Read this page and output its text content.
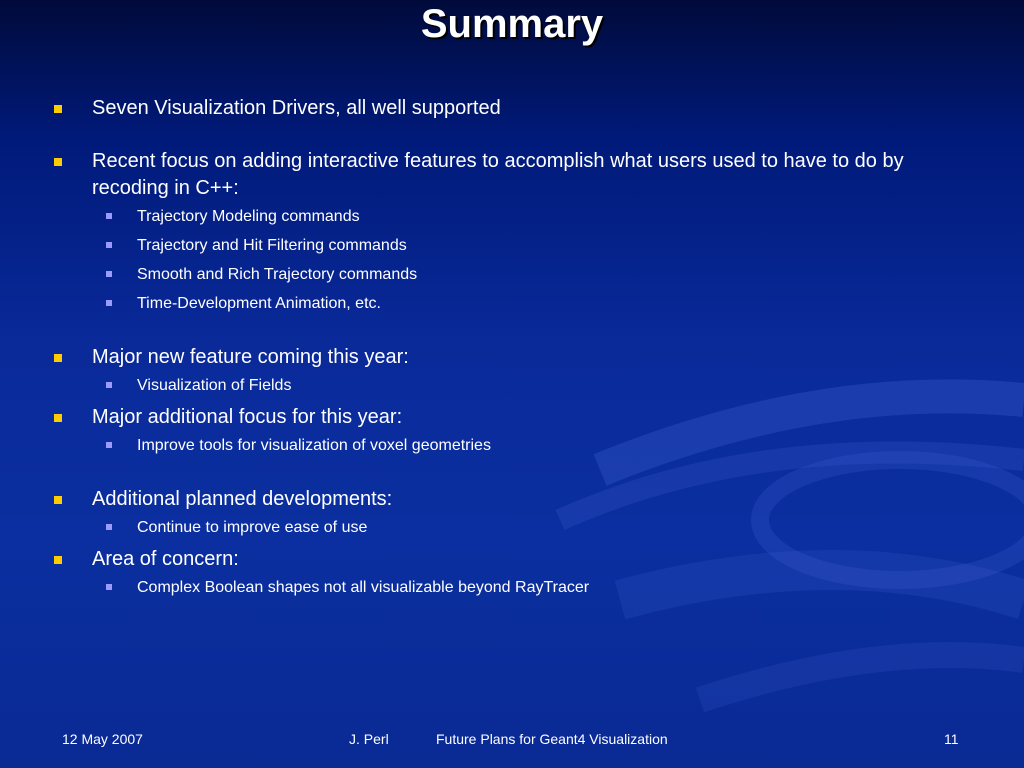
Summary
Seven Visualization Drivers, all well supported
Recent focus on adding interactive features to accomplish what users used to have to do by recoding in C++:
Trajectory Modeling commands
Trajectory and Hit Filtering commands
Smooth and Rich Trajectory commands
Time-Development Animation, etc.
Major new feature coming this year:
Visualization of Fields
Major additional focus for this year:
Improve tools for visualization of voxel geometries
Additional planned developments:
Continue to improve ease of use
Area of concern:
Complex Boolean shapes not all visualizable beyond RayTracer
12 May 2007	J. Perl	Future Plans for Geant4 Visualization	11
